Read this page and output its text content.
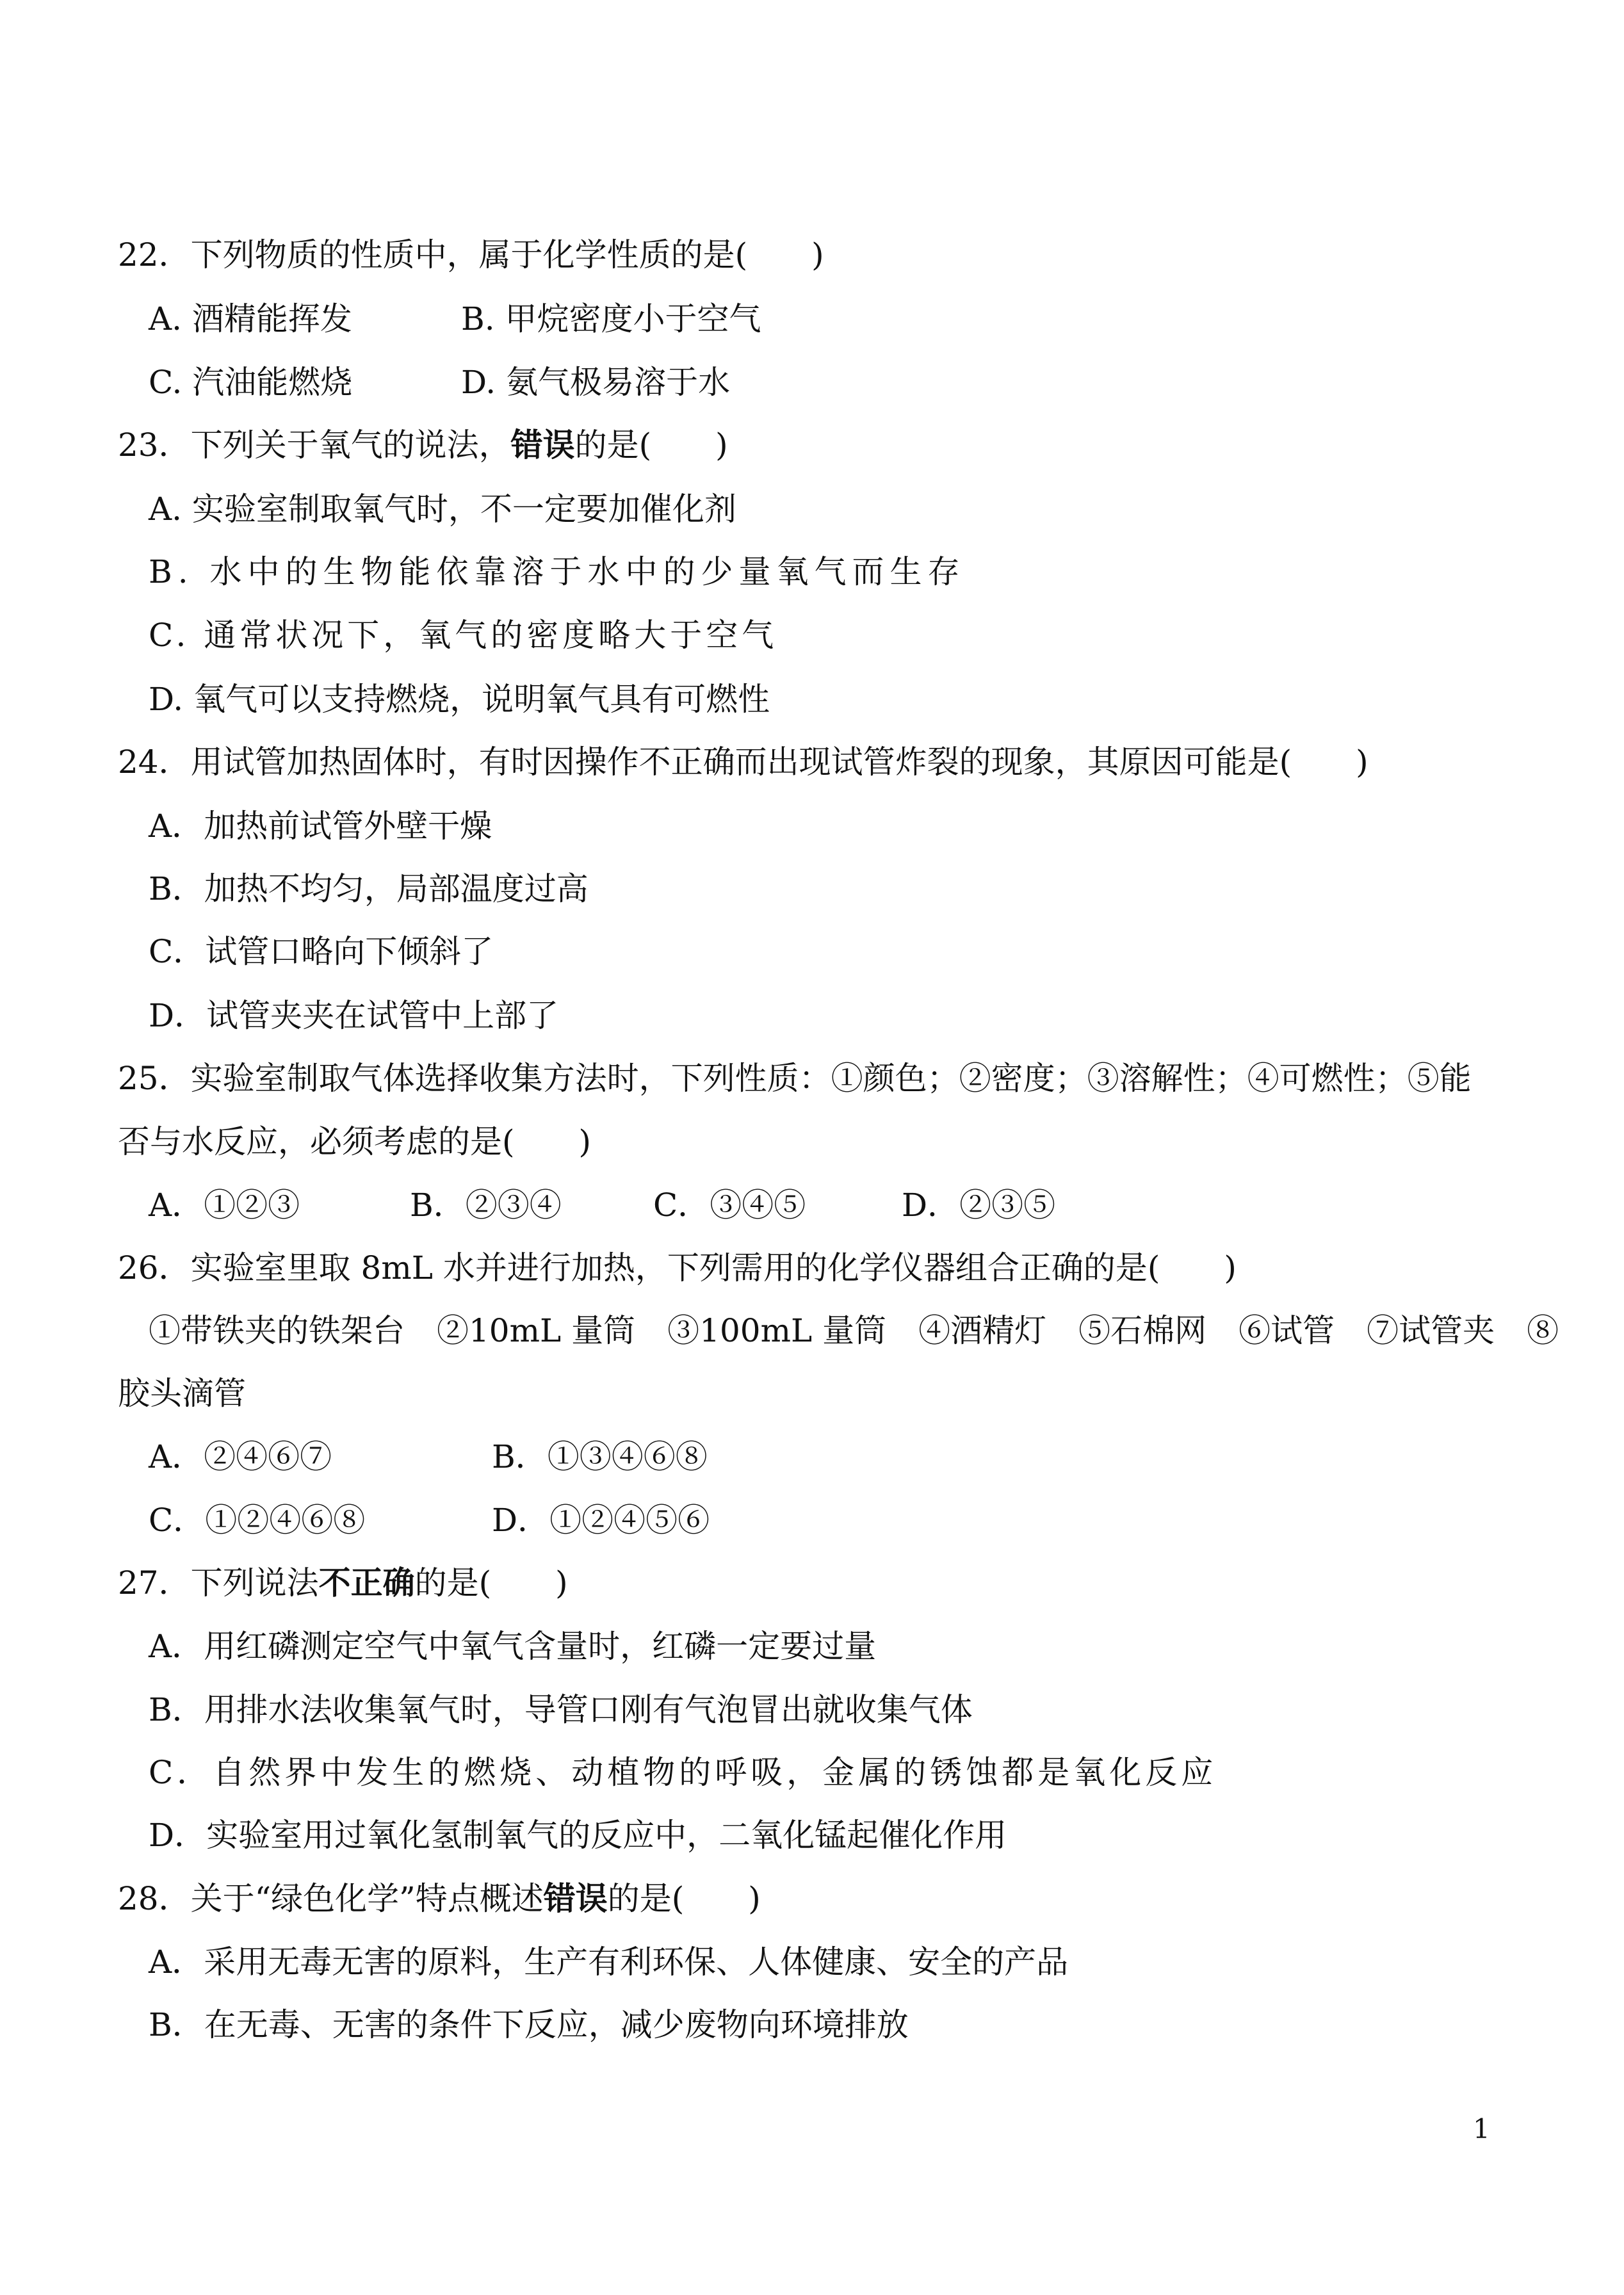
22．下列物质的性质中，属于化学性质的是(　　)
A. 酒精能挥发	B. 甲烷密度小于空气
C. 汽油能燃烧	D. 氨气极易溶于水
23．下列关于氧气的说法，错误的是(　　)
A. 实验室制取氧气时，不一定要加催化剂
B. 水中的生物能依靠溶于水中的少量氧气而生存
C. 通常状况下，氧气的密度略大于空气
D. 氧气可以支持燃烧，说明氧气具有可燃性
24．用试管加热固体时，有时因操作不正确而出现试管炸裂的现象，其原因可能是(　　)
A．加热前试管外壁干燥
B．加热不均匀，局部温度过高
C．试管口略向下倾斜了
D．试管夹夹在试管中上部了
25．实验室制取气体选择收集方法时，下列性质：①颜色；②密度；③溶解性；④可燃性；⑤能
否与水反应，必须考虑的是(　　)
A．①②③	B．②③④	C．③④⑤	D．②③⑤
26．实验室里取 8mL 水并进行加热，下列需用的化学仪器组合正确的是(　　)
①带铁夹的铁架台　②10mL 量筒　③100mL 量筒　④酒精灯　⑤石棉网　⑥试管　⑦试管夹　⑧
胶头滴管
A．②④⑥⑦	B．①③④⑥⑧
C．①②④⑥⑧	D．①②④⑤⑥
27．下列说法不正确的是(　　)
A．用红磷测定空气中氧气含量时，红磷一定要过量
B．用排水法收集氧气时，导管口刚有气泡冒出就收集气体
C．自然界中发生的燃烧、动植物的呼吸，金属的锈蚀都是氧化反应
D．实验室用过氧化氢制氧气的反应中，二氧化锰起催化作用
28．关于“绿色化学”特点概述错误的是(　　)
A．采用无毒无害的原料，生产有利环保、人体健康、安全的产品
B．在无毒、无害的条件下反应，减少废物向环境排放
1
